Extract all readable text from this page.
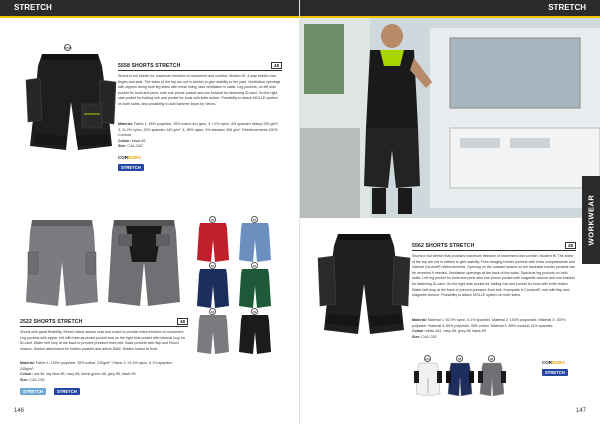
STRETCH
5558
5558 SHORTS STRETCH	48
Shorts in full stretch for maximum freedom of movement and comfort. Modern fit. 4-way stretch over thighs and seat. The sides of the top are not in stretch to give stability to the pant. Ventilation openings with zippers along both leg sides with mesh lining, also ventilation in waist. Leg pockets, on left side pocket for tools and pens, side one phone pocket and one bracket for fastening ID-card. On the right side pocket for folding rule and pocket for tools with knife button. Possibility to attach MOLLE system on both sides, also possibility to add hammer loops by Velcro.
Material: Fabric 1: 65% polyester, 35% cotton 4x1 gem, 4 + 2% nylon, 4% spandex ribstop 240 g/m², 3, 2x 2% nylon, 52% spandex 240 g/m², 4, 96% nylon, 4% elastane 206 g/m². Reinforcements 100% Cordura.
Colour: black-99
Size: C44–C62
CORDURA
STRETCH
35	55
58	66
98	99
2522 SHORTS STRETCH	48
Shorts with great flexibility. Stretch fabric across seat and crotch to provide extra freedom of movement. Leg pockets with zipper, left with internal phone pocket and on the right side pocket with internal loop for ID-card. Water belt loop at the back to prevent pressure from belt. Back pockets with flap and Velcro closure. Hidden attachment for hidden pockets and article 8062. Hidden button at front.
Material: Fabric 1: 100% polyester, 35% cotton, 230g/m². Fabric 2: 91.9% nylon, 8.1% spandex, 245g/m².
Colour: red-35, sky blue-55, navy-58, forest green-66, grey-98, black-99
Size: C44–C62
STRETCH	STRETCH
146
STRETCH
WORKWEAR
5562 SHORTS STRETCH	48
Shorts in full stretch that provides maximum freedom of movement and comfort. Modern fit. The sides of the top are not in stretch to give stability. Free-hanging holster pockets with extra compartments and internal Cordura® reinforcements. Opening on the outward seams on the backside holster pockets can be reversed if needed. Ventilation openings at the back of the waist. Spacious leg pockets on both sides. Left leg pocket for tools and pens also one phone pocket with magnetic closure and one bracket for fastening ID-card. On the right side pocket for folding rule and pocket for tools with knife button. Water belt loop at the back to prevent pressure from belt. Kneepads in Cordura®, one with flap and magnetic closure. Possibility to attach MOLLE system on both sides.
Material: Material 1: 92.9% nylon, 8.1% spandex. Material 2: 100% polyamide. Material 3: 100% polyester. Material 4: 65% polyester, 35% cotton. Material 5: 89% cordura, 11% spandex.
Colour: white-181, navy-58, grey-98, black-99
Size: C44–C62
181	58	98
CORDURA
STRETCH
147
